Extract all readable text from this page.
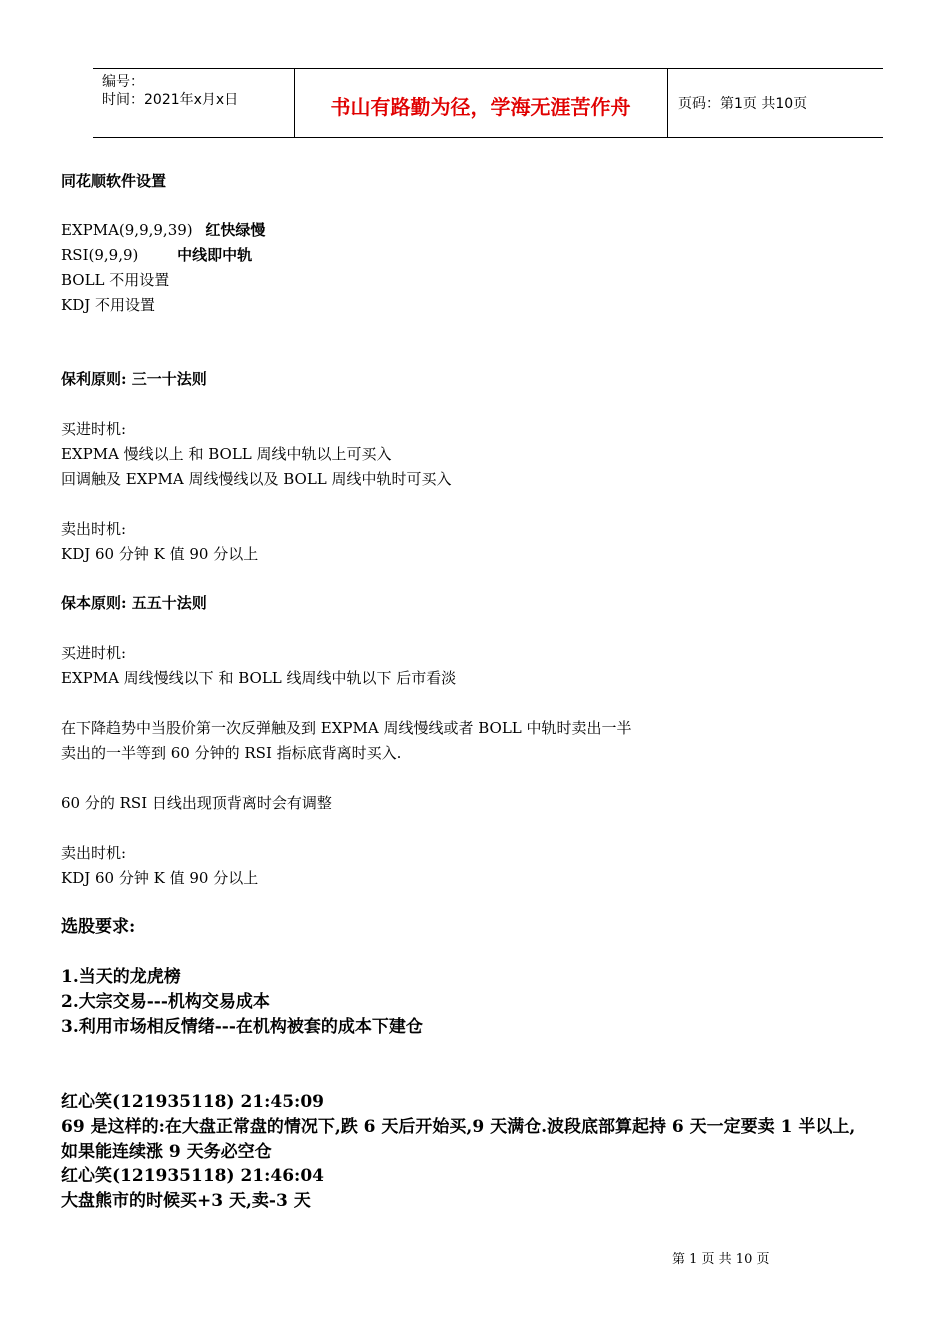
编号：
时间：2021年x月x日	书山有路勤为径，学海无涯苦作舟	页码：第1页 共10页
同花顺软件设置
EXPMA(9,9,9,39) 红快绿慢
RSI(9,9,9)	中线即中轨
BOLL 不用设置
KDJ 不用设置
保利原则: 三一十法则
买进时机:
EXPMA 慢线以上 和 BOLL 周线中轨以上可买入
回调触及 EXPMA 周线慢线以及 BOLL 周线中轨时可买入
卖出时机:
KDJ 60 分钟 K 值 90 分以上
保本原则: 五五十法则
买进时机:
EXPMA 周线慢线以下 和 BOLL 线周线中轨以下 后市看淡
在下降趋势中当股价第一次反弹触及到 EXPMA 周线慢线或者 BOLL 中轨时卖出一半
卖出的一半等到 60 分钟的 RSI 指标底背离时买入.
60 分的 RSI 日线出现顶背离时会有调整
卖出时机:
KDJ 60 分钟 K 值 90 分以上
选股要求:
1.当天的龙虎榜
2.大宗交易---机构交易成本
3.利用市场相反情绪---在机构被套的成本下建仓
红心笑(121935118) 21:45:09
69 是这样的:在大盘正常盘的情况下,跌 6 天后开始买,9 天满仓.波段底部算起持 6 天一定要卖 1 半以上,
如果能连续涨 9 天务必空仓
红心笑(121935118) 21:46:04
大盘熊市的时候买+3 天,卖-3 天
第 1 页 共 10 页
